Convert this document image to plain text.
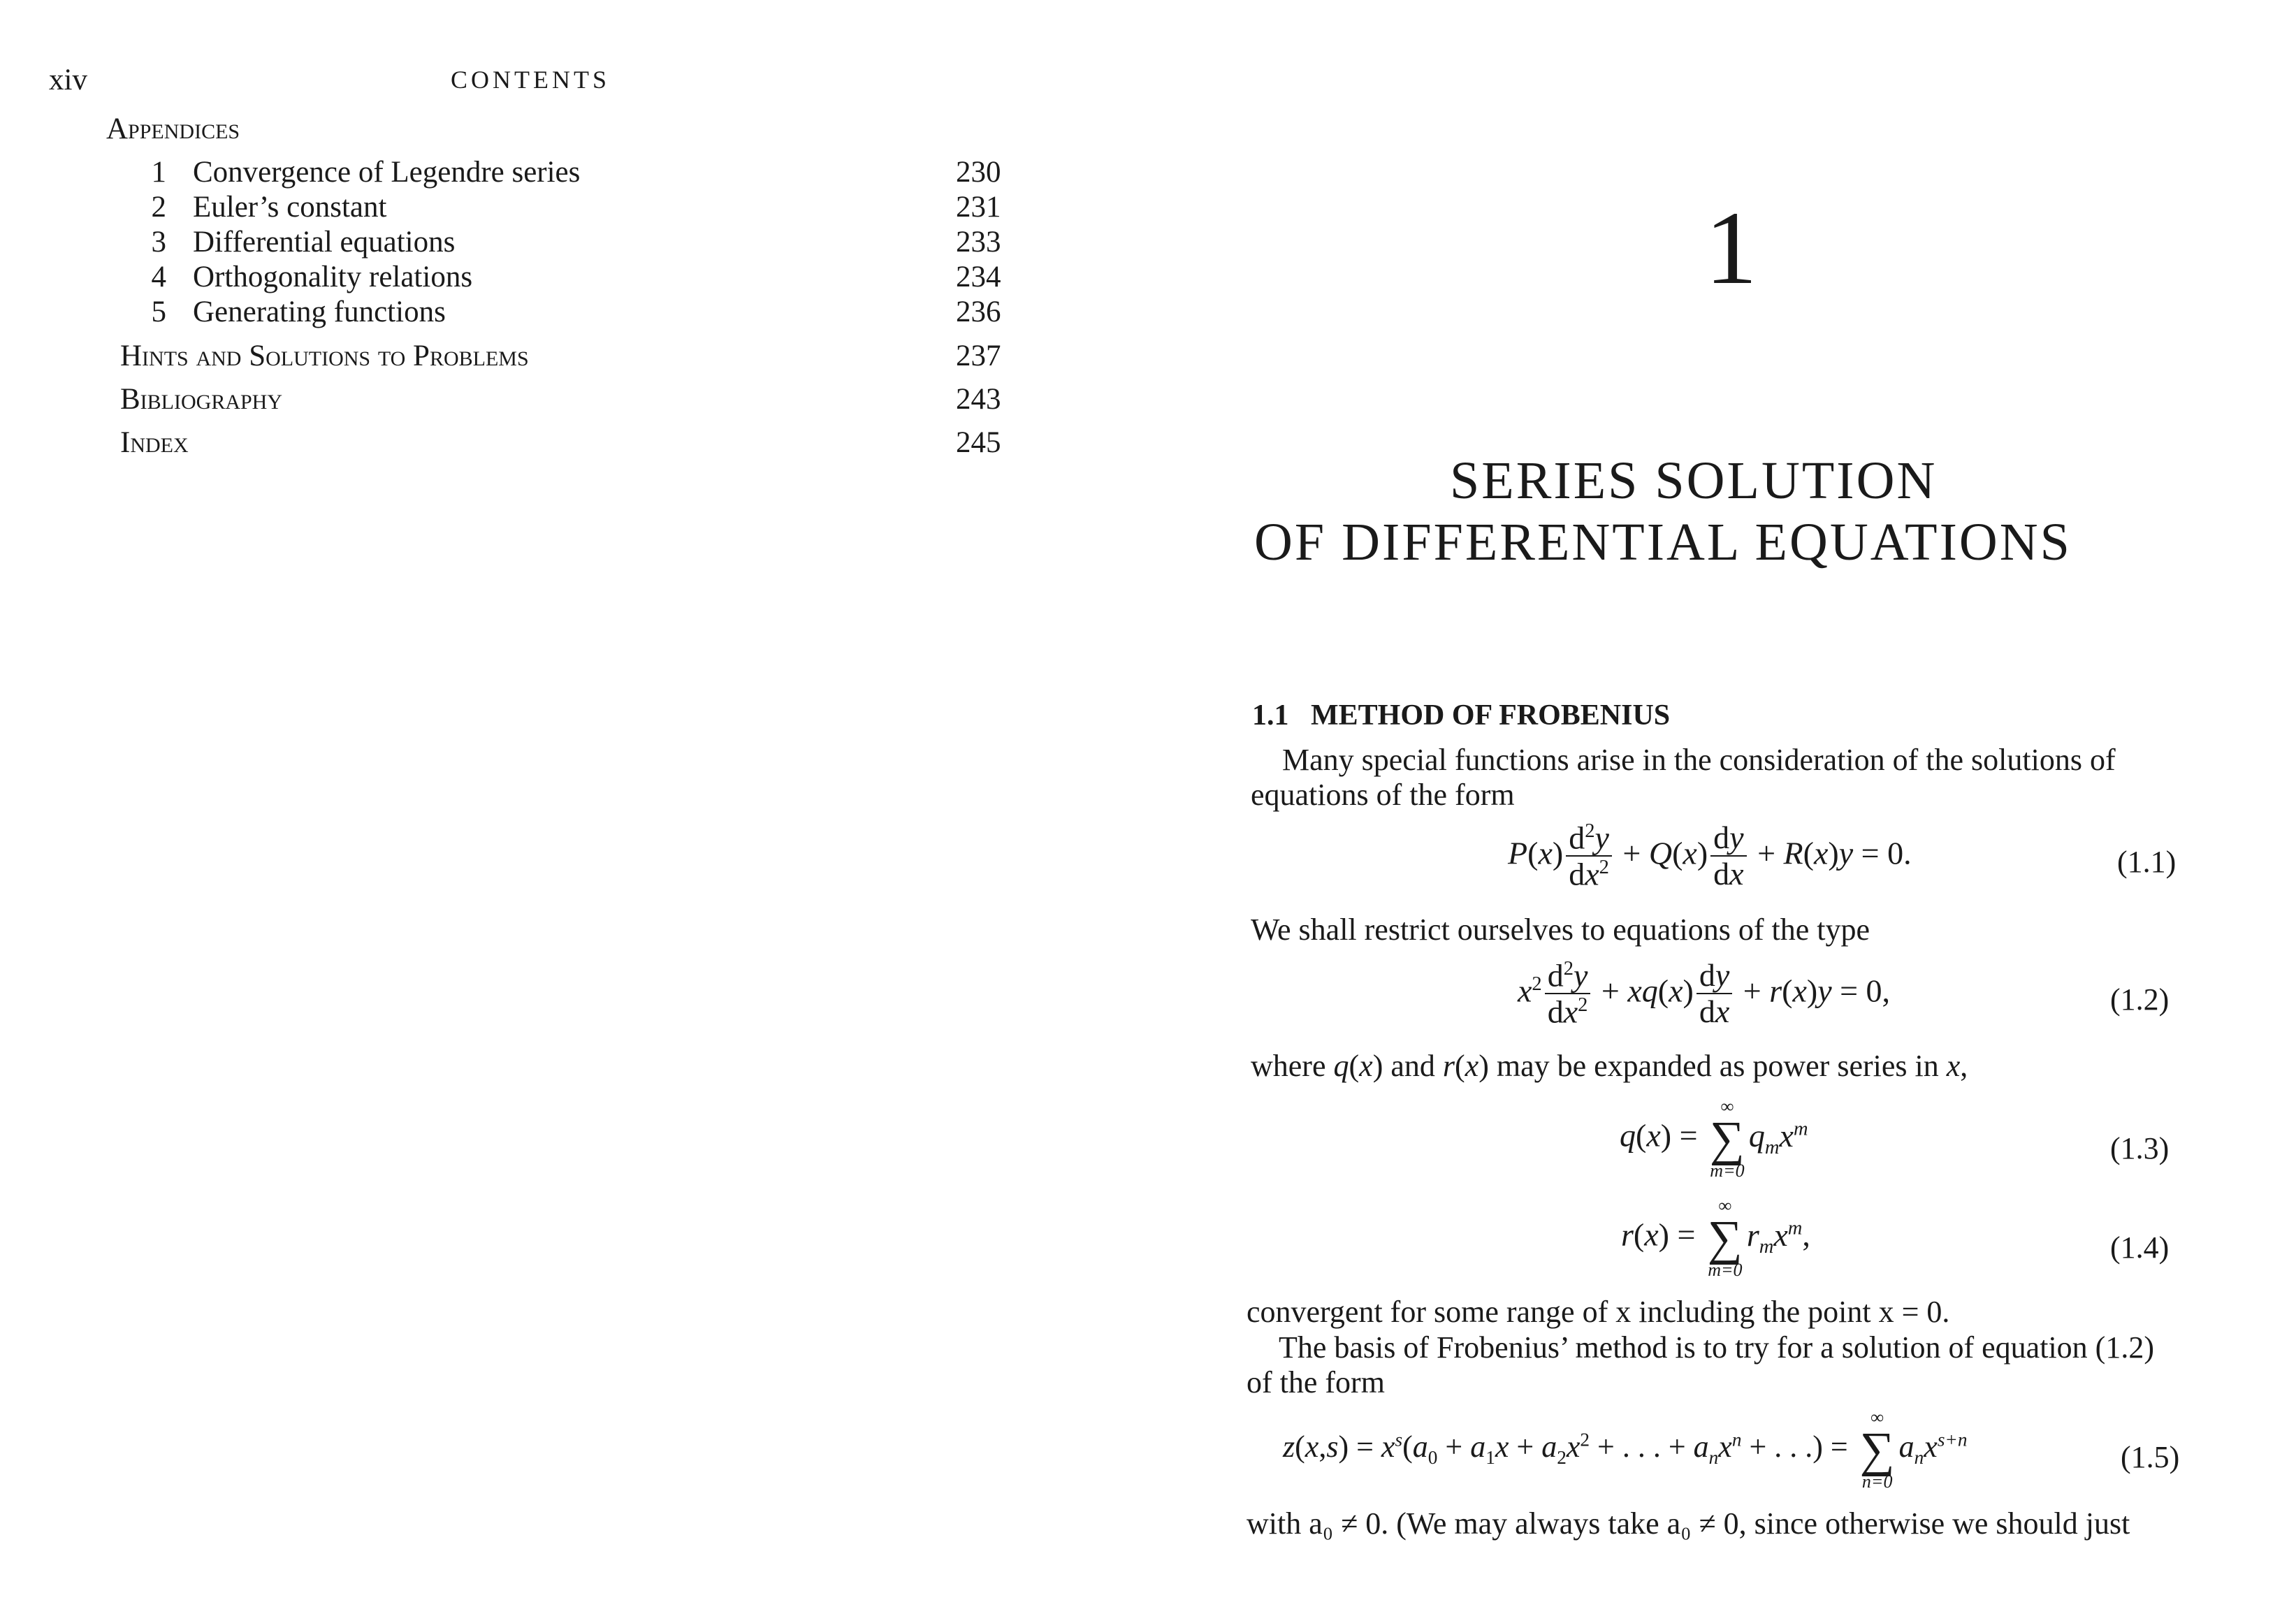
xiv	CONTENTS
Appendices
1 Convergence of Legendre series	230
2 Euler’s constant	231
3 Differential equations	233
4 Orthogonality relations	234
5 Generating functions	236
Hints and Solutions to Problems	237
Bibliography	243
Index	245
1
SERIES SOLUTION
OF DIFFERENTIAL EQUATIONS
1.1   METHOD OF FROBENIUS
Many special functions arise in the consideration of the solutions of
equations of the form
$P(x) \frac{d^2y}{dx^2} + Q(x) \frac{dy}{dx} + R(x)y = 0$.	(1.1)
We shall restrict ourselves to equations of the type
$x^2 \frac{d^2y}{dx^2} + xq(x) \frac{dy}{dx} + r(x)y = 0$,	(1.2)
where q(x) and r(x) may be expanded as power series in x,
q(x) =
∞
∑
m=0
$q_mx^m$
(1.3)
r(x) =
∞
∑
m=0
$r_mx^m$,	(1.4)
convergent for some range of x including the point x = 0.
The basis of Frobenius’ method is to try for a solution of equation (1.2)
of the form
$z(x,s) = x^s(a_0 + a_1x + a_2x^2$ + . . . + $a_nx^n$ + . . .) =
∞
∑
n=0
$a_nx^{s+n}$
(1.5)
with a₀ ≠ 0. (We may always take a₀ ≠ 0, since otherwise we should just
